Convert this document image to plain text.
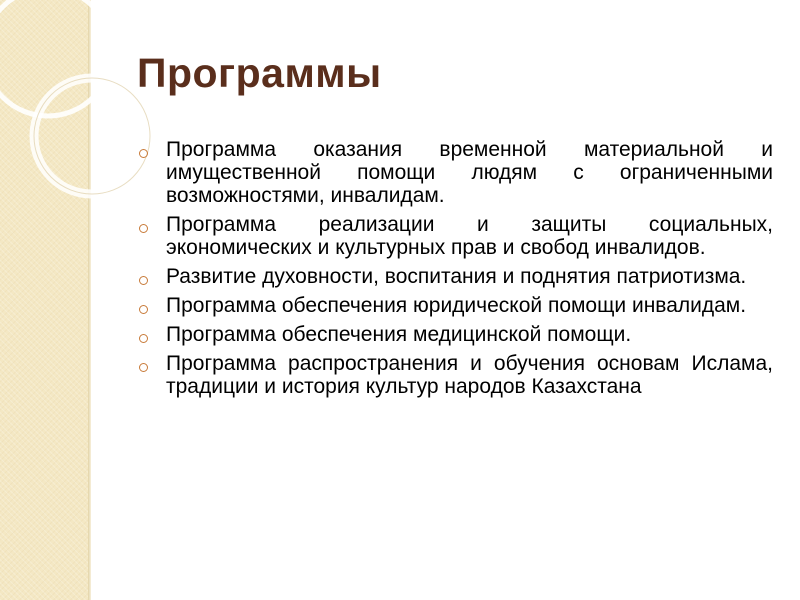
Программы
Программа оказания временной материальной и имущественной помощи людям с ограниченными возможностями, инвалидам.
Программа реализации и защиты социальных, экономических и культурных прав и свобод инвалидов.
Развитие духовности, воспитания и поднятия патриотизма.
Программа обеспечения юридической помощи инвалидам.
Программа обеспечения медицинской помощи.
Программа распространения и обучения основам Ислама, традиции и история культур народов Казахстана
